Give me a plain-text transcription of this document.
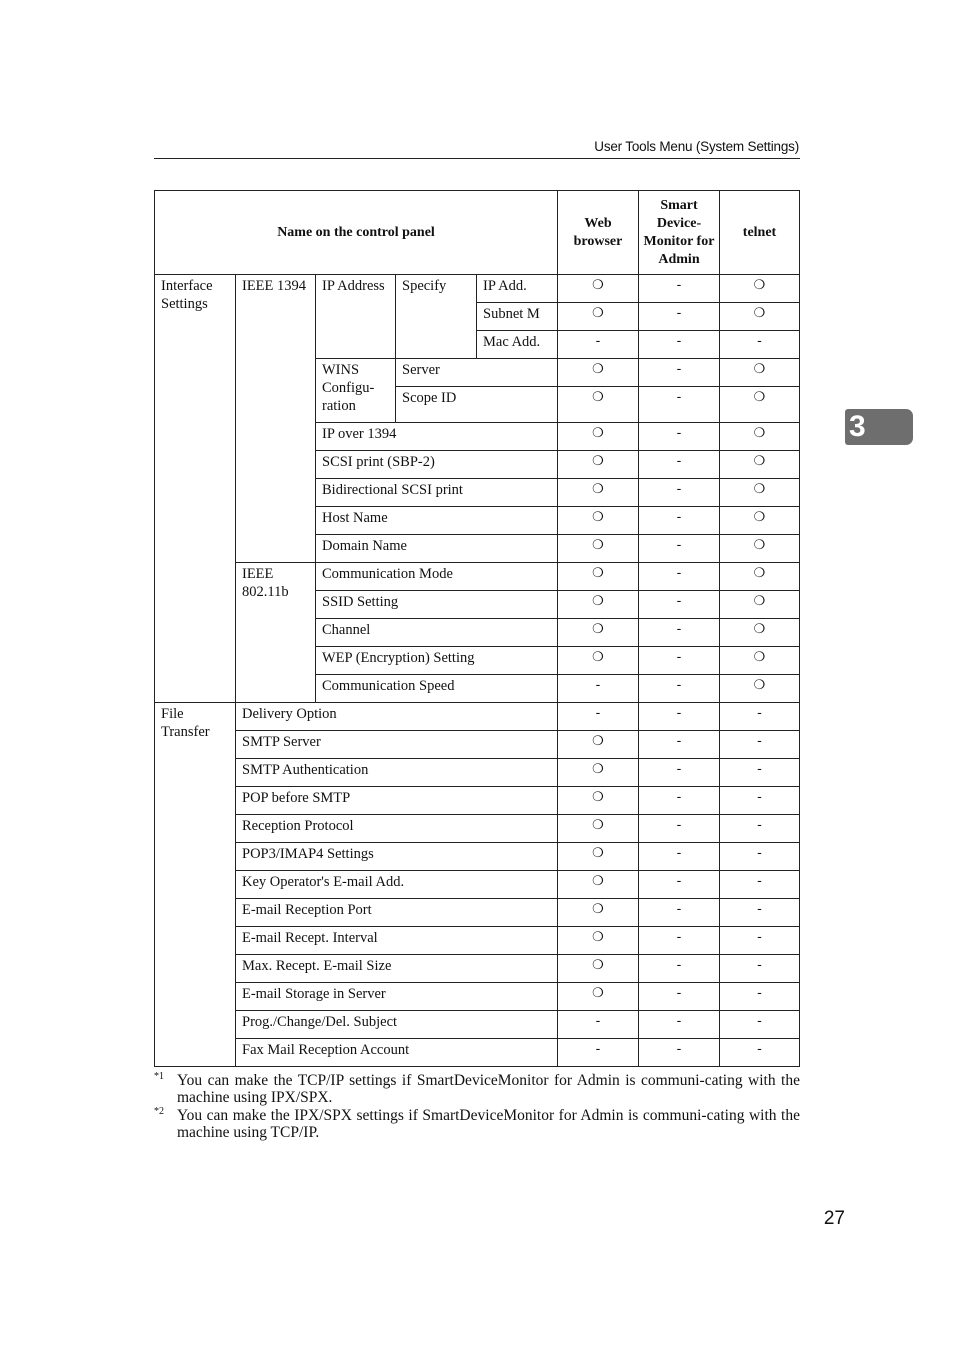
User Tools Menu (System Settings)
3
Name on the control panel					Web browser	Smart Device-Monitor for Admin	telnet
Interface Settings	IEEE 1394	IP Address	Specify	IP Add.	❍	-	❍
				Subnet M	❍	-	❍
				Mac Add.	-	-	-
		WINS Configu- ration	Server		❍	-	❍
			Scope ID		❍	-	❍
		IP over 1394			❍	-	❍
		SCSI print (SBP-2)			❍	-	❍
		Bidirectional SCSI print			❍	-	❍
		Host Name			❍	-	❍
		Domain Name			❍	-	❍
	IEEE 802.11b	Communication Mode			❍	-	❍
		SSID Setting			❍	-	❍
		Channel			❍	-	❍
		WEP (Encryption) Setting			❍	-	❍
		Communication Speed			-	-	❍
File Transfer	Delivery Option				-	-	-
	SMTP Server				❍	-	-
	SMTP Authentication				❍	-	-
	POP before SMTP				❍	-	-
	Reception Protocol				❍	-	-
	POP3/IMAP4 Settings				❍	-	-
	Key Operator's E-mail Add.				❍	-	-
	E-mail Reception Port				❍	-	-
	E-mail Recept. Interval				❍	-	-
	Max. Recept. E-mail Size				❍	-	-
	E-mail Storage in Server				❍	-	-
	Prog./Change/Del. Subject				-	-	-
	Fax Mail Reception Account				-	-	-
*1 You can make the TCP/IP settings if SmartDeviceMonitor for Admin is communi-cating with the machine using IPX/SPX.
*2 You can make the IPX/SPX settings if SmartDeviceMonitor for Admin is communi-cating with the machine using TCP/IP.
27
